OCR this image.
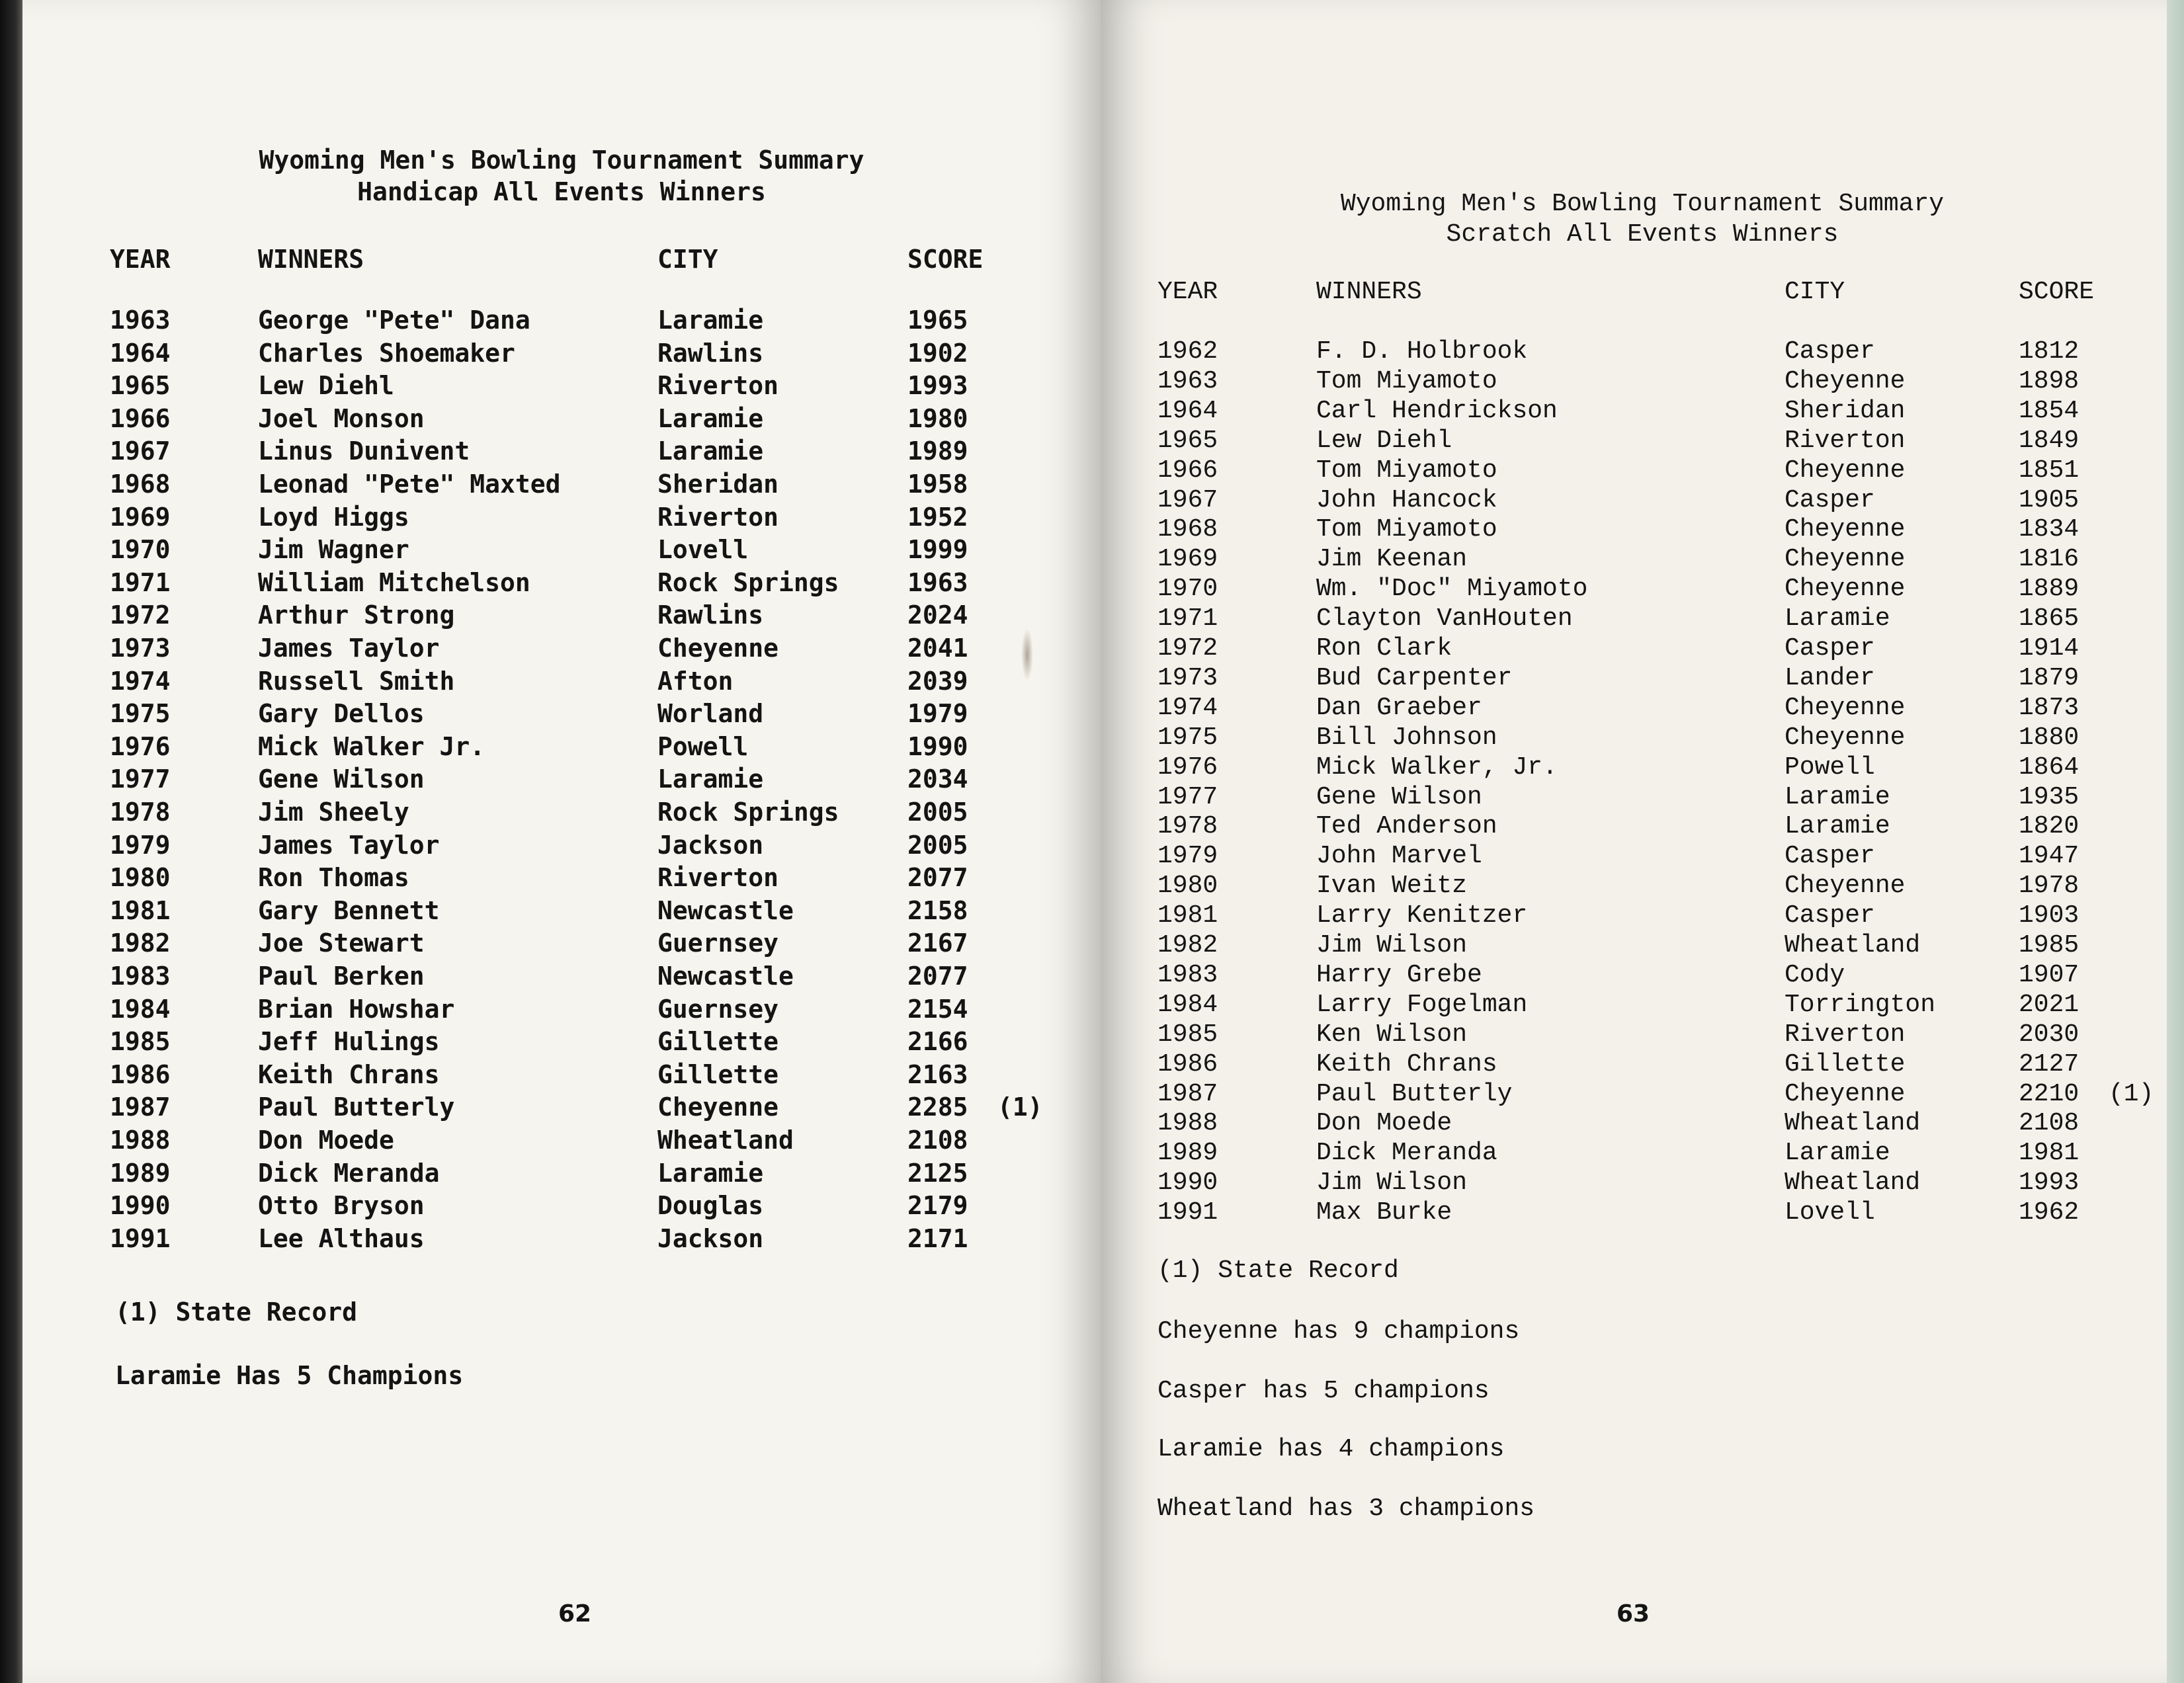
Wyoming Men's Bowling Tournament Summary
Handicap All Events Winners
YEAR	WINNERS	CITY	SCORE
1963	George "Pete" Dana	Laramie	1965
1964	Charles Shoemaker	Rawlins	1902
1965	Lew Diehl	Riverton	1993
1966	Joel Monson	Laramie	1980
1967	Linus Dunivent	Laramie	1989
1968	Leonad "Pete" Maxted	Sheridan	1958
1969	Loyd Higgs	Riverton	1952
1970	Jim Wagner	Lovell	1999
1971	William Mitchelson	Rock Springs	1963
1972	Arthur Strong	Rawlins	2024
1973	James Taylor	Cheyenne	2041
1974	Russell Smith	Afton	2039
1975	Gary Dellos	Worland	1979
1976	Mick Walker Jr.	Powell	1990
1977	Gene Wilson	Laramie	2034
1978	Jim Sheely	Rock Springs	2005
1979	James Taylor	Jackson	2005
1980	Ron Thomas	Riverton	2077
1981	Gary Bennett	Newcastle	2158
1982	Joe Stewart	Guernsey	2167
1983	Paul Berken	Newcastle	2077
1984	Brian Howshar	Guernsey	2154
1985	Jeff Hulings	Gillette	2166
1986	Keith Chrans	Gillette	2163
1987	Paul Butterly	Cheyenne	2285 (1)
1988	Don Moede	Wheatland	2108
1989	Dick Meranda	Laramie	2125
1990	Otto Bryson	Douglas	2179
1991	Lee Althaus	Jackson	2171
(1) State Record
Laramie Has 5 Champions
62
Wyoming Men's Bowling Tournament Summary
Scratch All Events Winners
YEAR	WINNERS	CITY	SCORE
1962	F. D. Holbrook	Casper	1812
1963	Tom Miyamoto	Cheyenne	1898
1964	Carl Hendrickson	Sheridan	1854
1965	Lew Diehl	Riverton	1849
1966	Tom Miyamoto	Cheyenne	1851
1967	John Hancock	Casper	1905
1968	Tom Miyamoto	Cheyenne	1834
1969	Jim Keenan	Cheyenne	1816
1970	Wm. "Doc" Miyamoto	Cheyenne	1889
1971	Clayton VanHouten	Laramie	1865
1972	Ron Clark	Casper	1914
1973	Bud Carpenter	Lander	1879
1974	Dan Graeber	Cheyenne	1873
1975	Bill Johnson	Cheyenne	1880
1976	Mick Walker, Jr.	Powell	1864
1977	Gene Wilson	Laramie	1935
1978	Ted Anderson	Laramie	1820
1979	John Marvel	Casper	1947
1980	Ivan Weitz	Cheyenne	1978
1981	Larry Kenitzer	Casper	1903
1982	Jim Wilson	Wheatland	1985
1983	Harry Grebe	Cody	1907
1984	Larry Fogelman	Torrington	2021
1985	Ken Wilson	Riverton	2030
1986	Keith Chrans	Gillette	2127
1987	Paul Butterly	Cheyenne	2210 (1)
1988	Don Moede	Wheatland	2108
1989	Dick Meranda	Laramie	1981
1990	Jim Wilson	Wheatland	1993
1991	Max Burke	Lovell	1962
(1) State Record
Cheyenne has 9 champions
Casper has 5 champions
Laramie has 4 champions
Wheatland has 3 champions
63
